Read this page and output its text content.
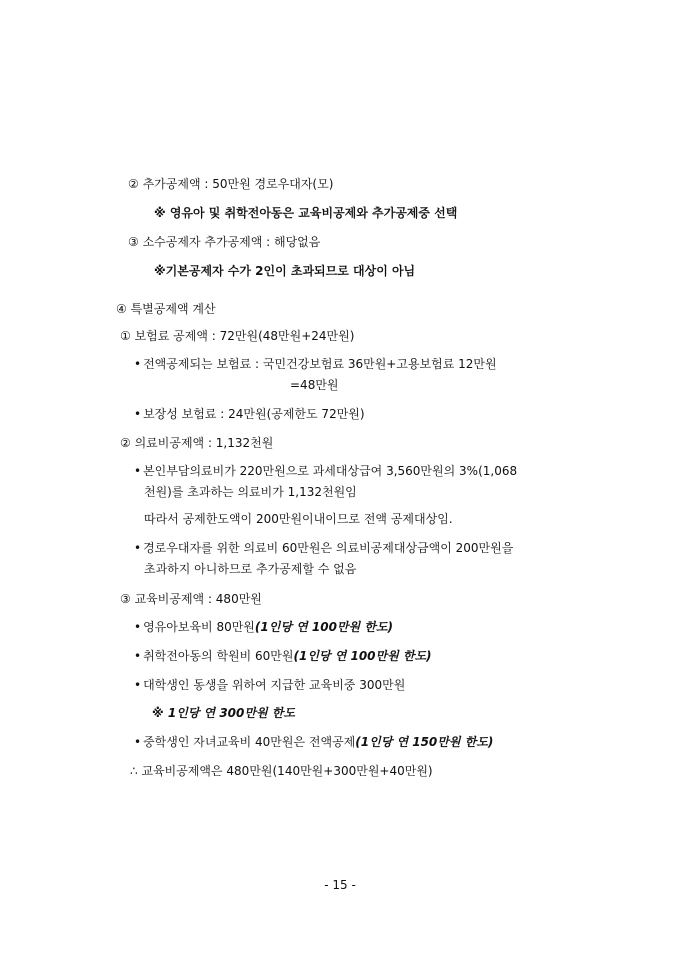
② 추가공제액 : 50만원 경로우대자(모)
※ 영유아 및 취학전아동은 교육비공제와 추가공제중 선택
③ 소수공제자 추가공제액 : 해당없음
※기본공제자 수가 2인이 초과되므로 대상이 아님
④ 특별공제액 계산
① 보험료 공제액 : 72만원(48만원+24만원)
• 전액공제되는 보험료 : 국민건강보험료 36만원+고용보험료 12만원
=48만원
• 보장성 보험료 : 24만원(공제한도 72만원)
② 의료비공제액 : 1,132천원
• 본인부담의료비가 220만원으로 과세대상급여 3,560만원의 3%(1,068
천원)를 초과하는 의료비가 1,132천원임
따라서 공제한도액이 200만원이내이므로 전액 공제대상임.
• 경로우대자를 위한 의료비 60만원은 의료비공제대상금액이 200만원을
초과하지 아니하므로 추가공제할 수 없음
③ 교육비공제액 : 480만원
• 영유아보육비 80만원(1인당 연 100만원 한도)
• 취학전아동의 학원비 60만원(1인당 연 100만원 한도)
• 대학생인 동생을 위하여 지급한 교육비중 300만원
※ 1인당 연 300만원 한도
• 중학생인 자녀교육비 40만원은 전액공제(1인당 연 150만원 한도)
∴ 교육비공제액은 480만원(140만원+300만원+40만원)
- 15 -
